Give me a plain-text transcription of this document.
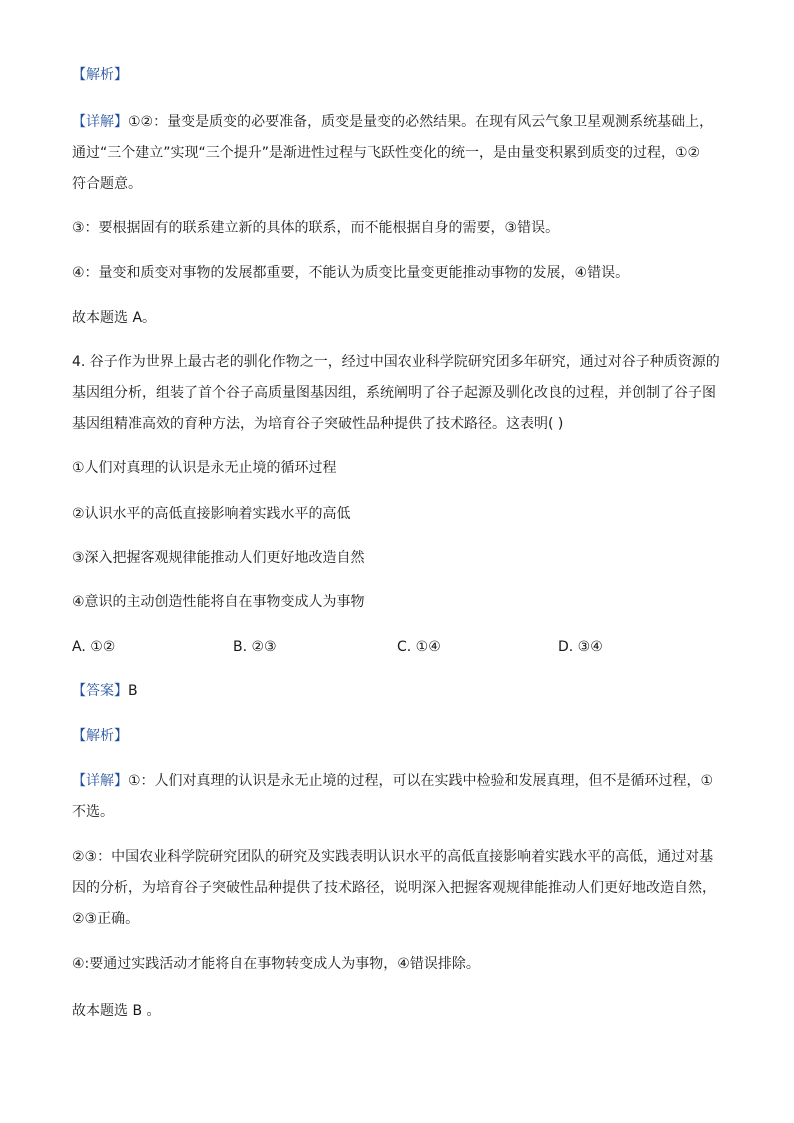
【解析】
【详解】①②：量变是质变的必要准备，质变是量变的必然结果。在现有风云气象卫星观测系统基础上，
通过“三个建立”实现“三个提升”是渐进性过程与飞跃性变化的统一，是由量变积累到质变的过程，①②
符合题意。
③：要根据固有的联系建立新的具体的联系，而不能根据自身的需要，③错误。
④：量变和质变对事物的发展都重要，不能认为质变比量变更能推动事物的发展，④错误。
故本题选 A。
4. 谷子作为世界上最古老的驯化作物之一，经过中国农业科学院研究团多年研究，通过对谷子种质资源的
基因组分析，组装了首个谷子高质量图基因组，系统阐明了谷子起源及驯化改良的过程，并创制了谷子图
基因组精准高效的育种方法，为培育谷子突破性品种提供了技术路径。这表明( )
①人们对真理的认识是永无止境的循环过程
②认识水平的高低直接影响着实践水平的高低
③深入把握客观规律能推动人们更好地改造自然
④意识的主动创造性能将自在事物变成人为事物
A. ①②	B. ②③	C. ①④	D. ③④
【答案】B
【解析】
【详解】①：人们对真理的认识是永无止境的过程，可以在实践中检验和发展真理，但不是循环过程，①
不选。
②③：中国农业科学院研究团队的研究及实践表明认识水平的高低直接影响着实践水平的高低，通过对基
因的分析，为培育谷子突破性品种提供了技术路径，说明深入把握客观规律能推动人们更好地改造自然，
②③正确。
④:要通过实践活动才能将自在事物转变成人为事物，④错误排除。
故本题选 B 。
